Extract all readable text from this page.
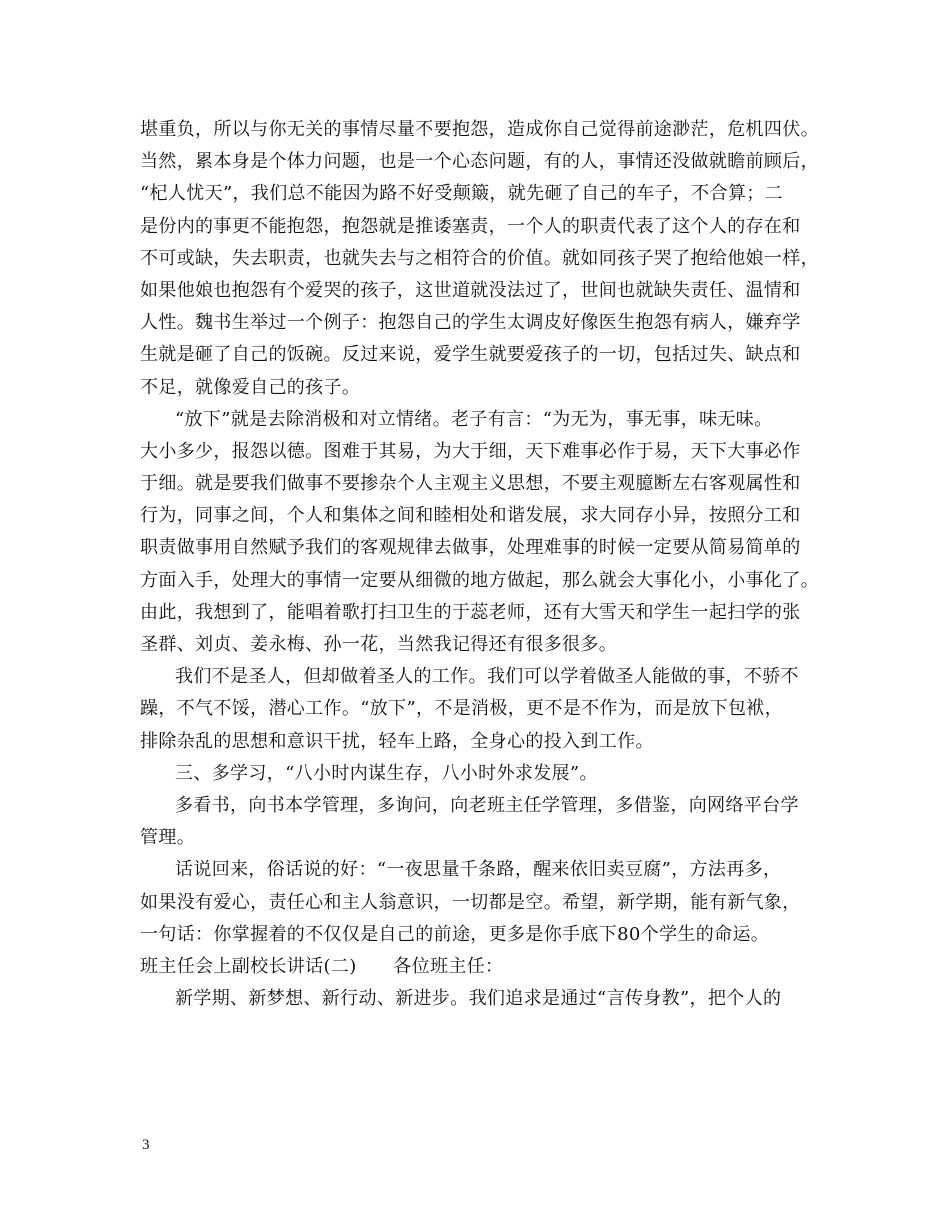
堪重负，所以与你无关的事情尽量不要抱怨，造成你自己觉得前途渺茫，危机四伏。
当然，累本身是个体力问题，也是一个心态问题，有的人，事情还没做就瞻前顾后，
“杞人忧天”，我们总不能因为路不好受颠簸，就先砸了自己的车子，不合算；二
是份内的事更不能抱怨，抱怨就是推诿塞责，一个人的职责代表了这个人的存在和
不可或缺，失去职责，也就失去与之相符合的价值。就如同孩子哭了抱给他娘一样，
如果他娘也抱怨有个爱哭的孩子，这世道就没法过了，世间也就缺失责任、温情和
人性。魏书生举过一个例子：抱怨自己的学生太调皮好像医生抱怨有病人，嫌弃学
生就是砸了自己的饭碗。反过来说，爱学生就要爱孩子的一切，包括过失、缺点和
不足，就像爱自己的孩子。
“放下”就是去除消极和对立情绪。老子有言：“为无为，事无事，味无味。
大小多少，报怨以德。图难于其易，为大于细，天下难事必作于易，天下大事必作
于细。就是要我们做事不要掺杂个人主观主义思想，不要主观臆断左右客观属性和
行为，同事之间，个人和集体之间和睦相处和谐发展，求大同存小异，按照分工和
职责做事用自然赋予我们的客观规律去做事，处理难事的时候一定要从简易简单的
方面入手，处理大的事情一定要从细微的地方做起，那么就会大事化小，小事化了。
由此，我想到了，能唱着歌打扫卫生的于蕊老师，还有大雪天和学生一起扫学的张
圣群、刘贞、姜永梅、孙一花，当然我记得还有很多很多。
我们不是圣人，但却做着圣人的工作。我们可以学着做圣人能做的事，不骄不
躁，不气不馁，潜心工作。“放下”，不是消极，更不是不作为，而是放下包袱，
排除杂乱的思想和意识干扰，轻车上路，全身心的投入到工作。
三、多学习，“八小时内谋生存，八小时外求发展”。
多看书，向书本学管理，多询问，向老班主任学管理，多借鉴，向网络平台学
管理。
话说回来，俗话说的好：“一夜思量千条路，醒来依旧卖豆腐”，方法再多，
如果没有爱心，责任心和主人翁意识，一切都是空。希望，新学期，能有新气象，
一句话：你掌握着的不仅仅是自己的前途，更多是你手底下80个学生的命运。
班主任会上副校长讲话(二)　　各位班主任：
新学期、新梦想、新行动、新进步。我们追求是通过“言传身教”，把个人的
3
